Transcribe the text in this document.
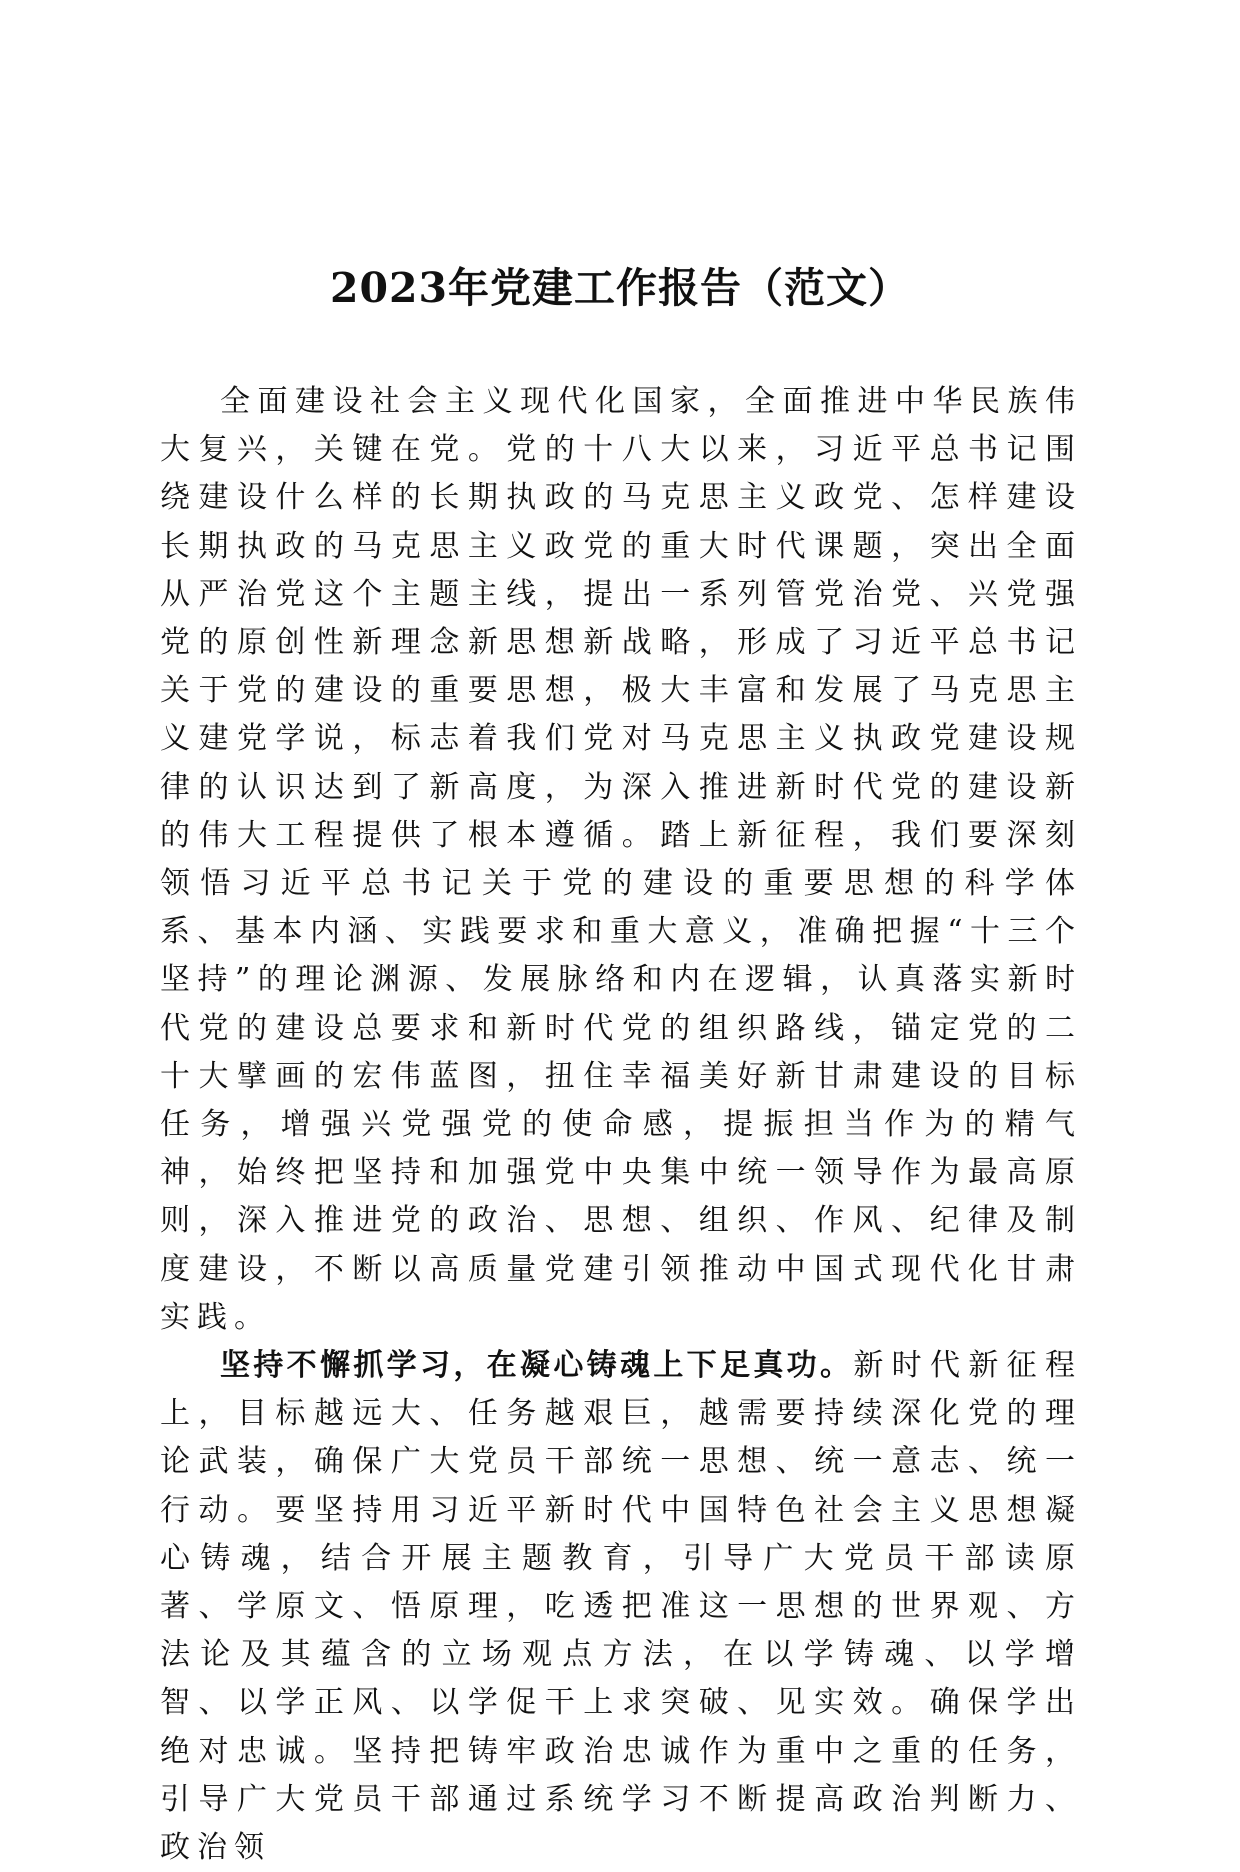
2023年党建工作报告（范文）

全面建设社会主义现代化国家，全面推进中华民族伟大复兴，关键在党。党的十八大以来，习近平总书记围绕建设什么样的长期执政的马克思主义政党、怎样建设长期执政的马克思主义政党的重大时代课题，突出全面从严治党这个主题主线，提出一系列管党治党、兴党强党的原创性新理念新思想新战略，形成了习近平总书记关于党的建设的重要思想，极大丰富和发展了马克思主义建党学说，标志着我们党对马克思主义执政党建设规律的认识达到了新高度，为深入推进新时代党的建设新的伟大工程提供了根本遵循。踏上新征程，我们要深刻领悟习近平总书记关于党的建设的重要思想的科学体系、基本内涵、实践要求和重大意义，准确把握“十三个坚持”的理论渊源、发展脉络和内在逻辑，认真落实新时代党的建设总要求和新时代党的组织路线，锚定党的二十大擘画的宏伟蓝图，扭住幸福美好新甘肃建设的目标任务，增强兴党强党的使命感，提振担当作为的精气神，始终把坚持和加强党中央集中统一领导作为最高原则，深入推进党的政治、思想、组织、作风、纪律及制度建设，不断以高质量党建引领推动中国式现代化甘肃实践。

坚持不懈抓学习，在凝心铸魂上下足真功。新时代新征程上，目标越远大、任务越艰巨，越需要持续深化党的理论武装，确保广大党员干部统一思想、统一意志、统一行动。要坚持用习近平新时代中国特色社会主义思想凝心铸魂，结合开展主题教育，引导广大党员干部读原著、学原文、悟原理，吃透把准这一思想的世界观、方法论及其蕴含的立场观点方法，在以学铸魂、以学增智、以学正风、以学促干上求突破、见实效。确保学出绝对忠诚。坚持把铸牢政治忠诚作为重中之重的任务，引导广大党员干部通过系统学习不断提高政治判断力、政治领
